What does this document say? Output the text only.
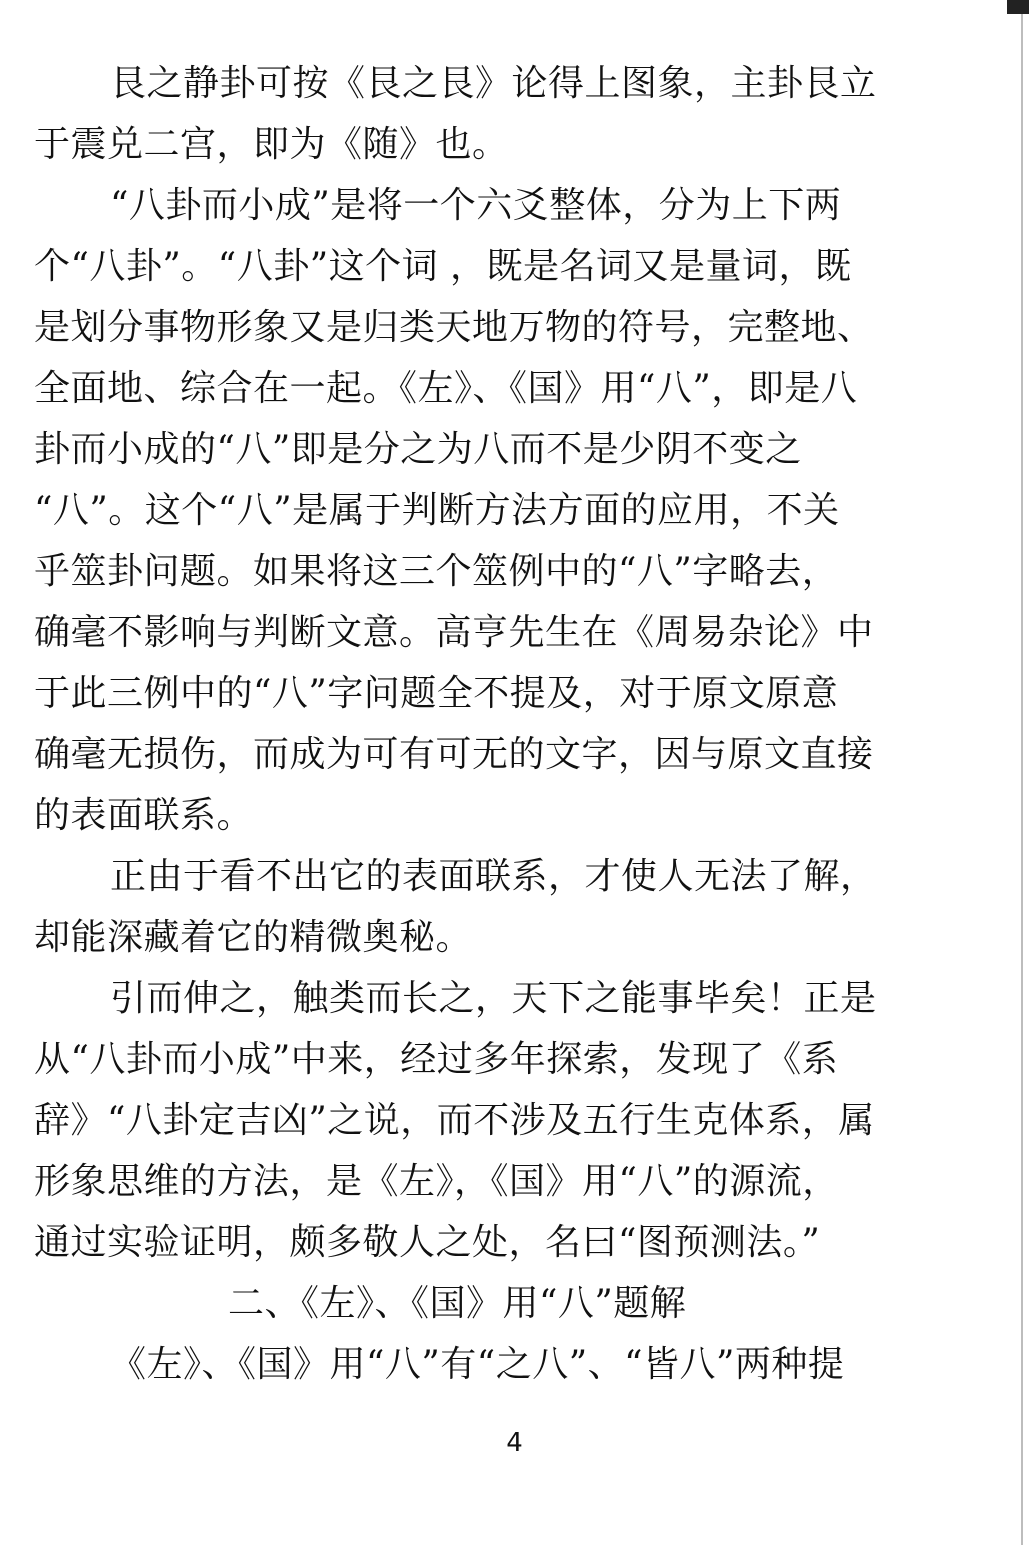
艮之静卦可按《艮之艮》论得上图象，主卦艮立
于震兑二宫，即为《随》也。
“八卦而小成”是将一个六爻整体，分为上下两
个“八卦”。“八卦”这个词 ，既是名词又是量词，既
是划分事物形象又是归类天地万物的符号，完整地、
全面地、综合在一起。《左》、《国》用“八”，即是八
卦而小成的“八”即是分之为八而不是少阴不变之
“八”。这个“八”是属于判断方法方面的应用，不关
乎筮卦问题。如果将这三个筮例中的“八”字略去，
确毫不影响与判断文意。高亨先生在《周易杂论》中
于此三例中的“八”字问题全不提及，对于原文原意
确毫无损伤，而成为可有可无的文字，因与原文直接
的表面联系。
正由于看不出它的表面联系，才使人无法了解，
却能深藏着它的精微奥秘。
引而伸之，触类而长之，天下之能事毕矣！正是
从“八卦而小成”中来，经过多年探索，发现了《系
辞》“八卦定吉凶”之说，而不涉及五行生克体系，属
形象思维的方法，是《左》，《国》用“八”的源流，
通过实验证明，颇多敬人之处，名曰“图预测法。”
二、《左》、《国》用“八”题解
《左》、《国》用“八”有“之八”、“皆八”两种提
4
